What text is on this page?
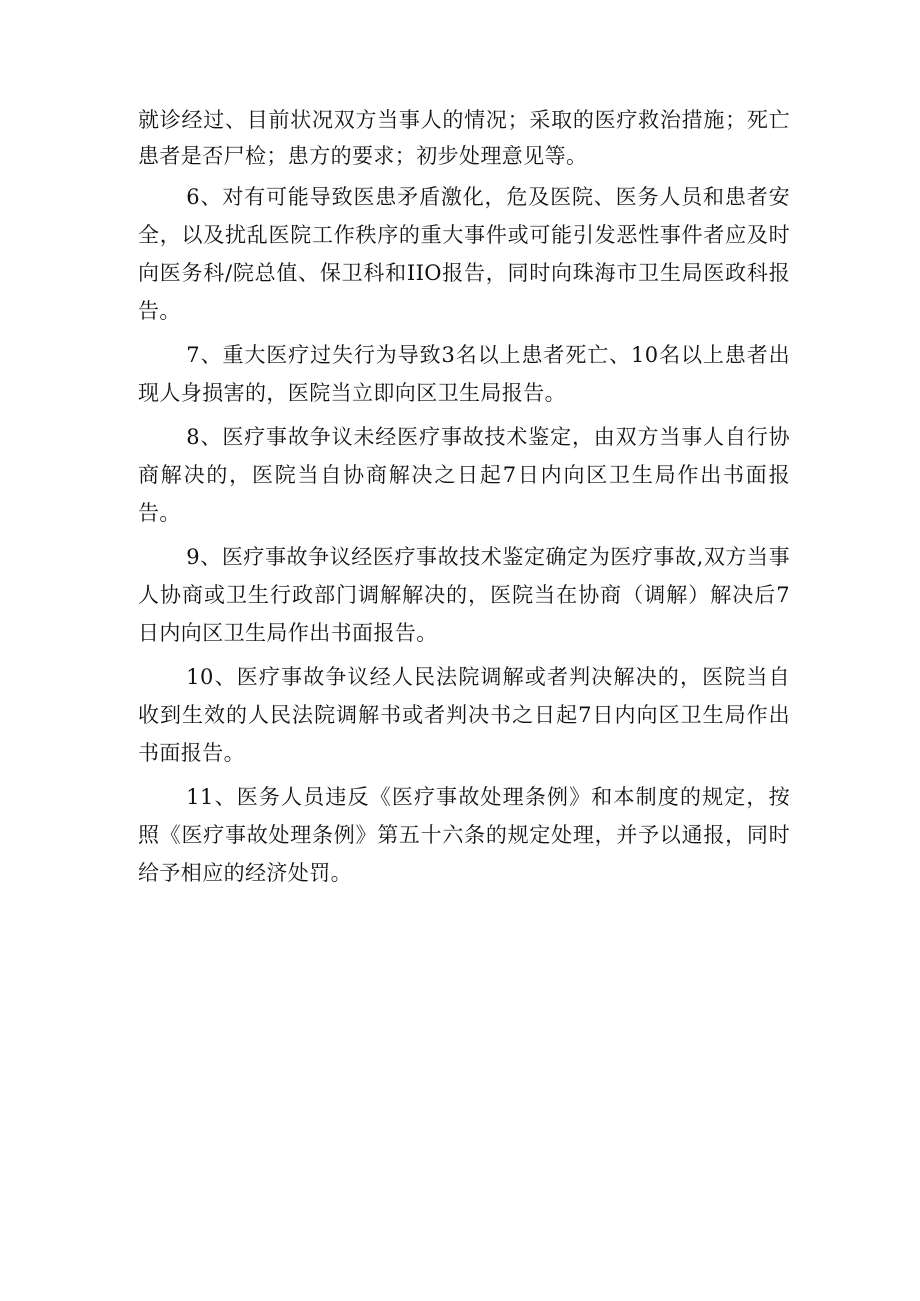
就诊经过、目前状况双方当事人的情况；采取的医疗救治措施；死亡患者是否尸检；患方的要求；初步处理意见等。

6、对有可能导致医患矛盾激化，危及医院、医务人员和患者安全，以及扰乱医院工作秩序的重大事件或可能引发恶性事件者应及时向医务科/院总值、保卫科和IIO报告，同时向珠海市卫生局医政科报告。

7、重大医疗过失行为导致3名以上患者死亡、10名以上患者出现人身损害的，医院当立即向区卫生局报告。

8、医疗事故争议未经医疗事故技术鉴定，由双方当事人自行协商解决的，医院当自协商解决之日起7日内向区卫生局作出书面报告。

9、医疗事故争议经医疗事故技术鉴定确定为医疗事故,双方当事人协商或卫生行政部门调解解决的，医院当在协商（调解）解决后7日内向区卫生局作出书面报告。

10、医疗事故争议经人民法院调解或者判决解决的，医院当自收到生效的人民法院调解书或者判决书之日起7日内向区卫生局作出书面报告。

11、医务人员违反《医疗事故处理条例》和本制度的规定，按照《医疗事故处理条例》第五十六条的规定处理，并予以通报，同时给予相应的经济处罚。
